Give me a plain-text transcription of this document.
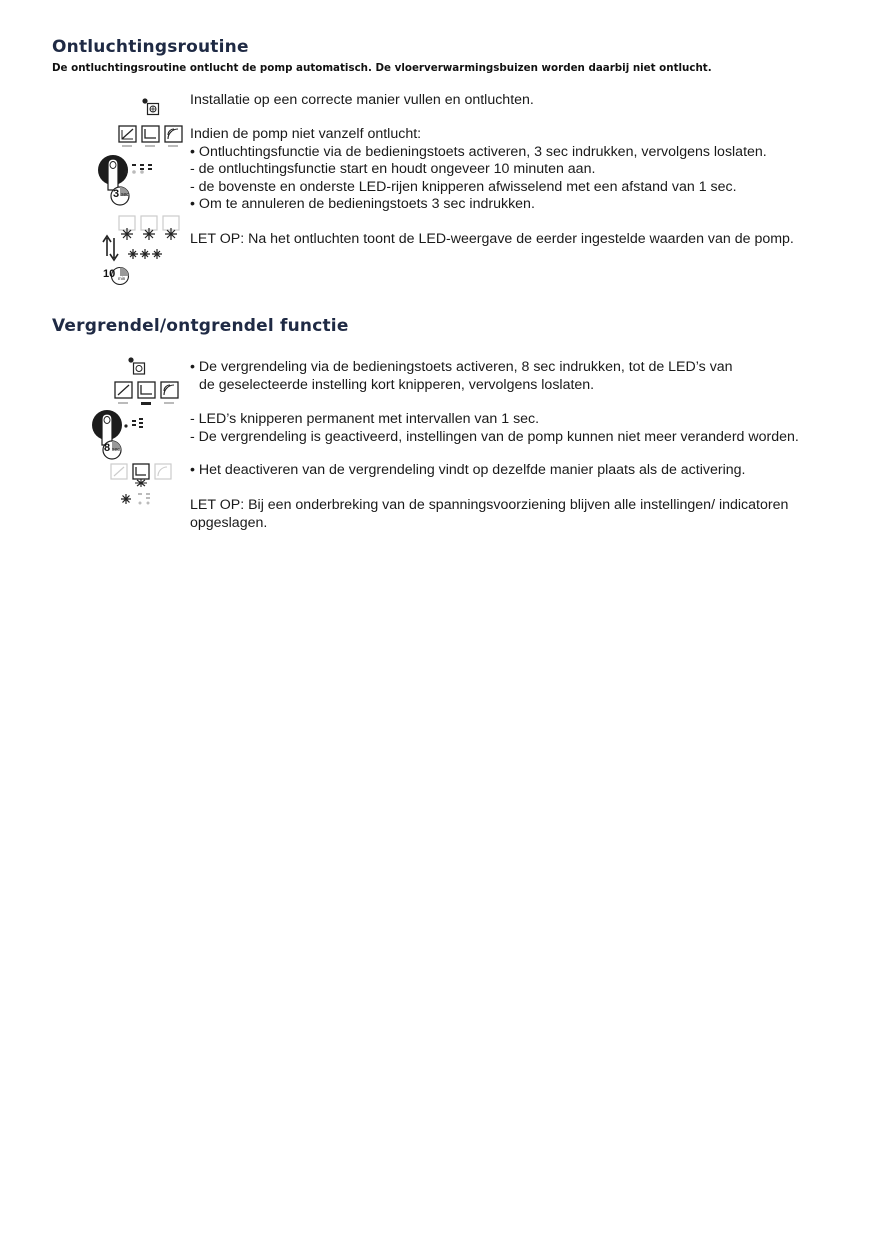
Ontluchtingsroutine

De ontluchtingsroutine ontlucht de pomp automatisch. De vloerverwarmingsbuizen worden daarbij niet ontlucht.

Installatie op een correcte manier vullen en ontluchten.

3 sec
Indien de pomp niet vanzelf ontlucht:
• Ontluchtingsfunctie via de bedieningstoets activeren, 3 sec indrukken, vervolgens loslaten.
- de ontluchtingsfunctie start en houdt ongeveer 10 minuten aan.
- de bovenste en onderste LED-rijen knipperen afwisselend met een afstand van 1 sec.
• Om te annuleren de bedieningstoets 3 sec indrukken.
10 min

LET OP: Na het ontluchten toont de LED-weergave de eerder ingestelde waarden van de pomp.

Vergrendel/ontgrendel functie
• De vergrendeling via de bedieningstoets activeren, 8 sec indrukken, tot de LED’s van
de geselecteerde instelling kort knipperen, vervolgens loslaten.
8 sec
- LED’s knipperen permanent met intervallen van 1 sec.
- De vergrendeling is geactiveerd, instellingen van de pomp kunnen niet meer veranderd worden.

• Het deactiveren van de vergrendeling vindt op dezelfde manier plaats als de activering.

LET OP: Bij een onderbreking van de spanningsvoorziening blijven alle instellingen/ indicatoren
opgeslagen.
